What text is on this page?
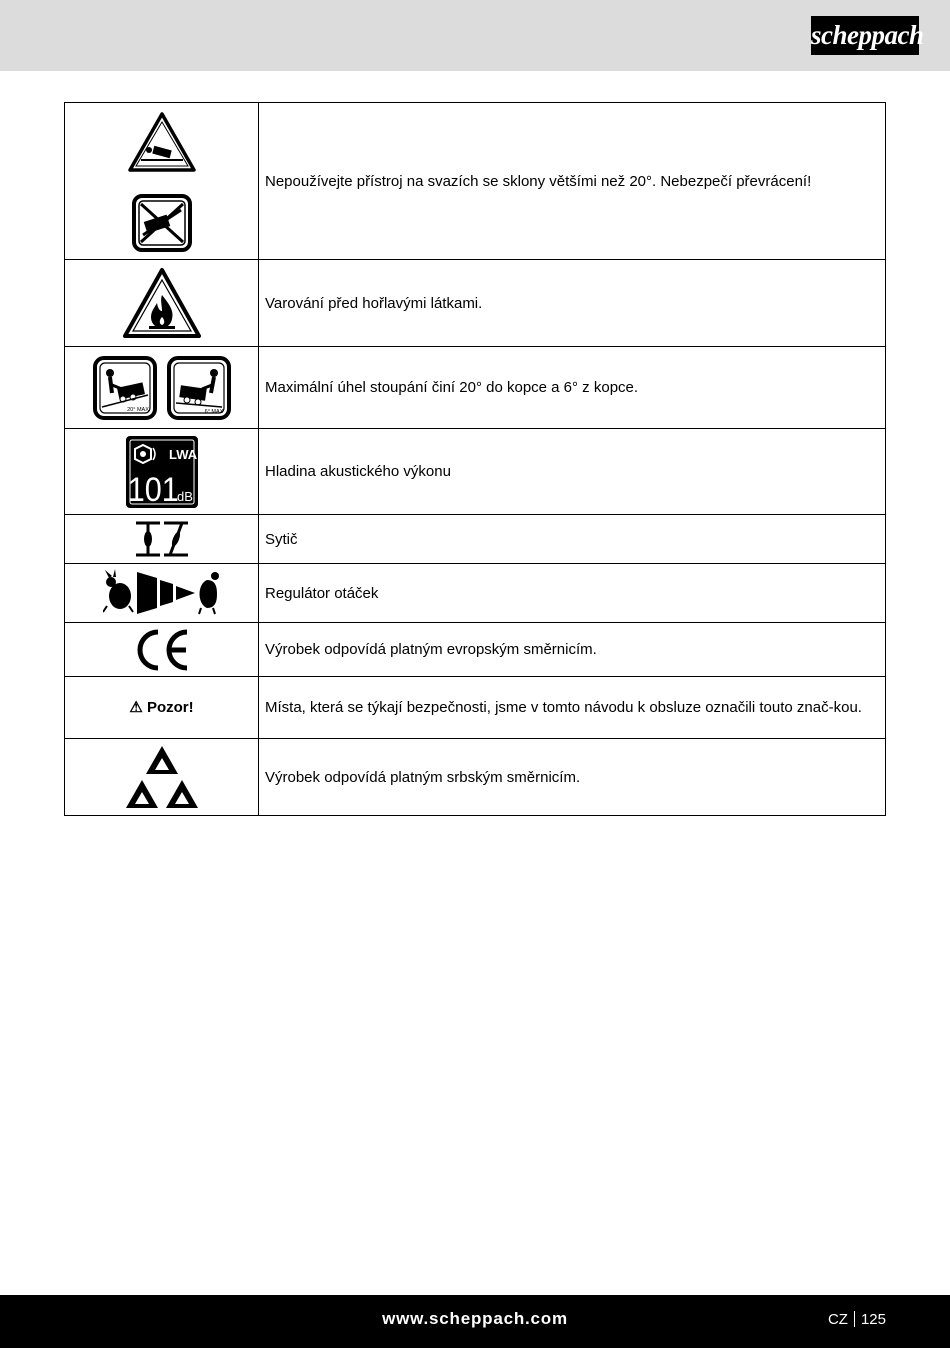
scheppach
	Nepoužívejte přístroj na svazích se sklony většími než 20°. Nebezpečí převrácení!

	Varování před hořlavými látkami.

20° MAX 6° MAX	Maximální úhel stoupání činí 20° do kopce a 6° z kopce.

LWA
101
dB	Hladina akustického výkonu

	Sytič

	Regulátor otáček

	Výrobek odpovídá platným evropským směrnicím.
⚠ Pozor!	Místa, která se týkají bezpečnosti, jsme v tomto návodu k obsluze označili touto znač-kou.

	Výrobek odpovídá platným srbským směrnicím.
www.scheppach.com	CZ 125
